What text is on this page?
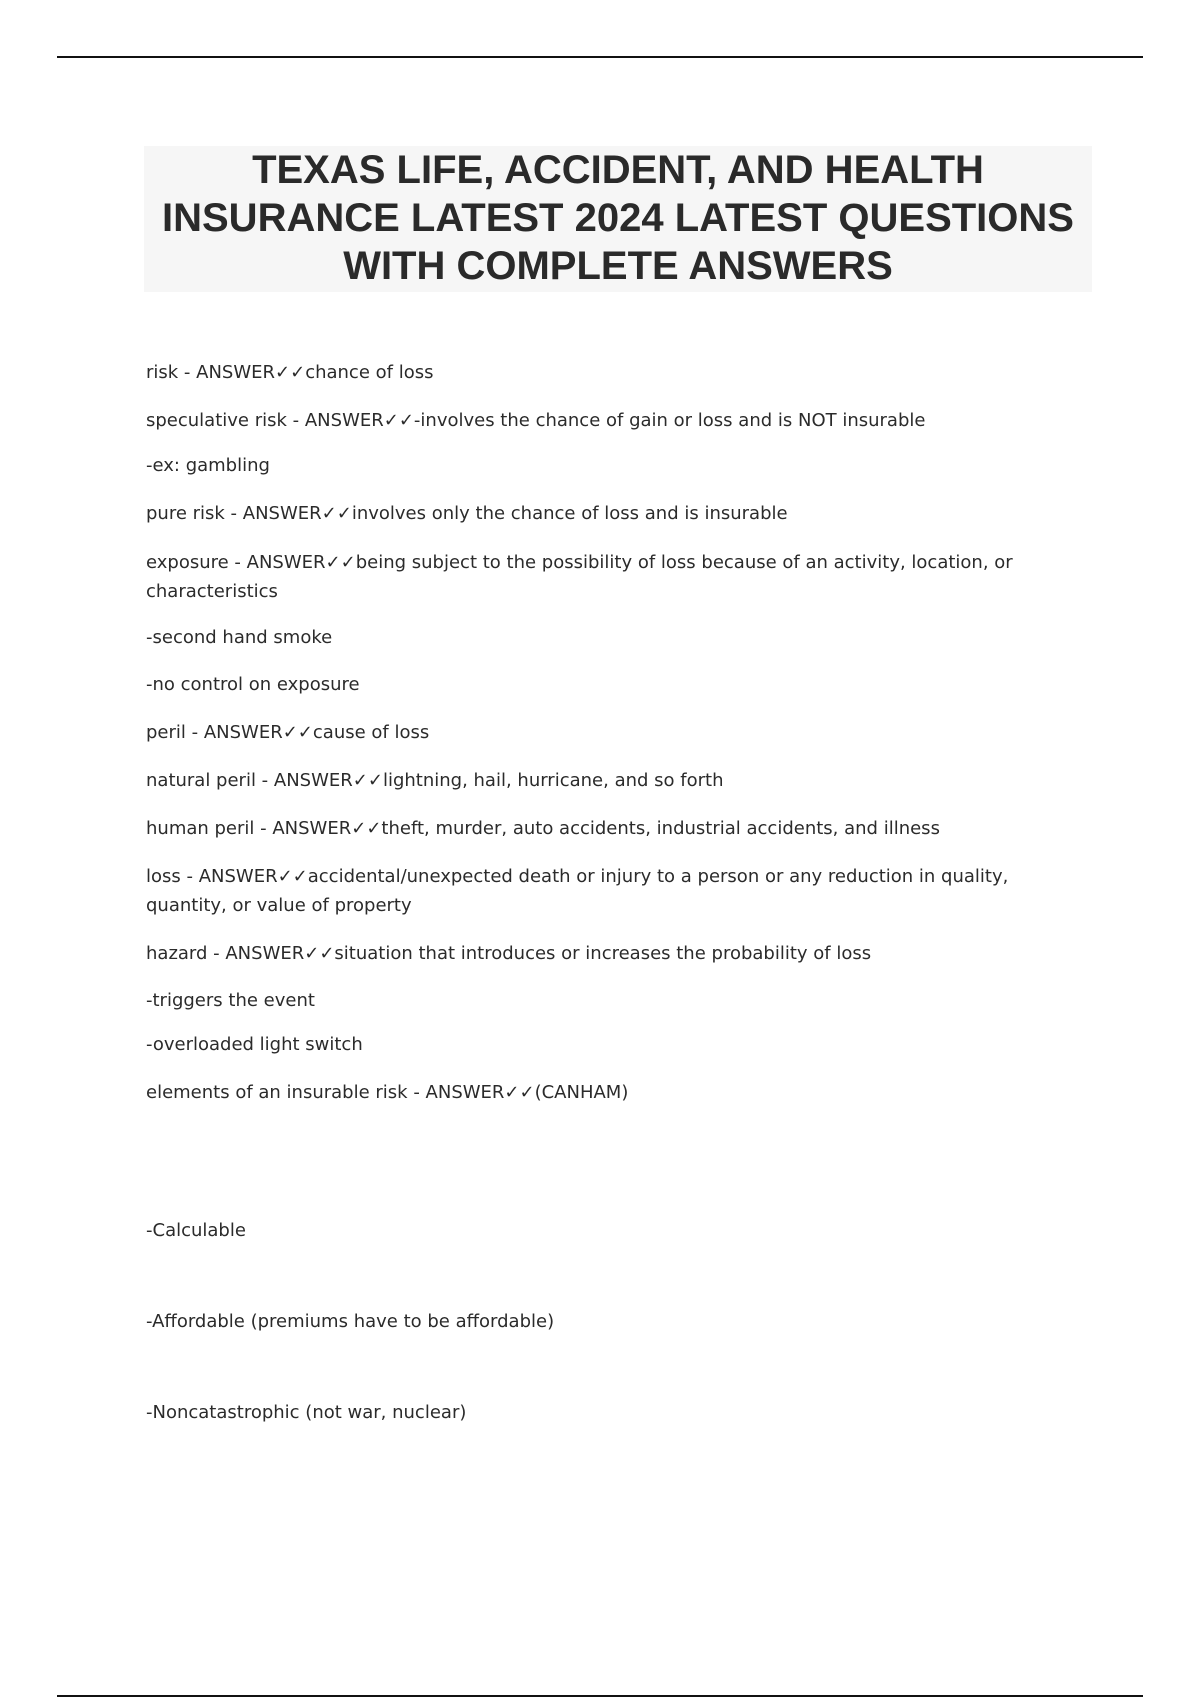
TEXAS LIFE, ACCIDENT, AND HEALTH
INSURANCE LATEST 2024 LATEST QUESTIONS
WITH COMPLETE ANSWERS

risk - ANSWER✓✓chance of loss

speculative risk - ANSWER✓✓-involves the chance of gain or loss and is NOT insurable

-ex: gambling

pure risk - ANSWER✓✓involves only the chance of loss and is insurable

exposure - ANSWER✓✓being subject to the possibility of loss because of an activity, location, or characteristics

-second hand smoke

-no control on exposure

peril - ANSWER✓✓cause of loss

natural peril - ANSWER✓✓lightning, hail, hurricane, and so forth

human peril - ANSWER✓✓theft, murder, auto accidents, industrial accidents, and illness

loss - ANSWER✓✓accidental/unexpected death or injury to a person or any reduction in quality, quantity, or value of property

hazard - ANSWER✓✓situation that introduces or increases the probability of loss

-triggers the event

-overloaded light switch

elements of an insurable risk - ANSWER✓✓(CANHAM)

-Calculable

-Affordable (premiums have to be affordable)

-Noncatastrophic (not war, nuclear)
